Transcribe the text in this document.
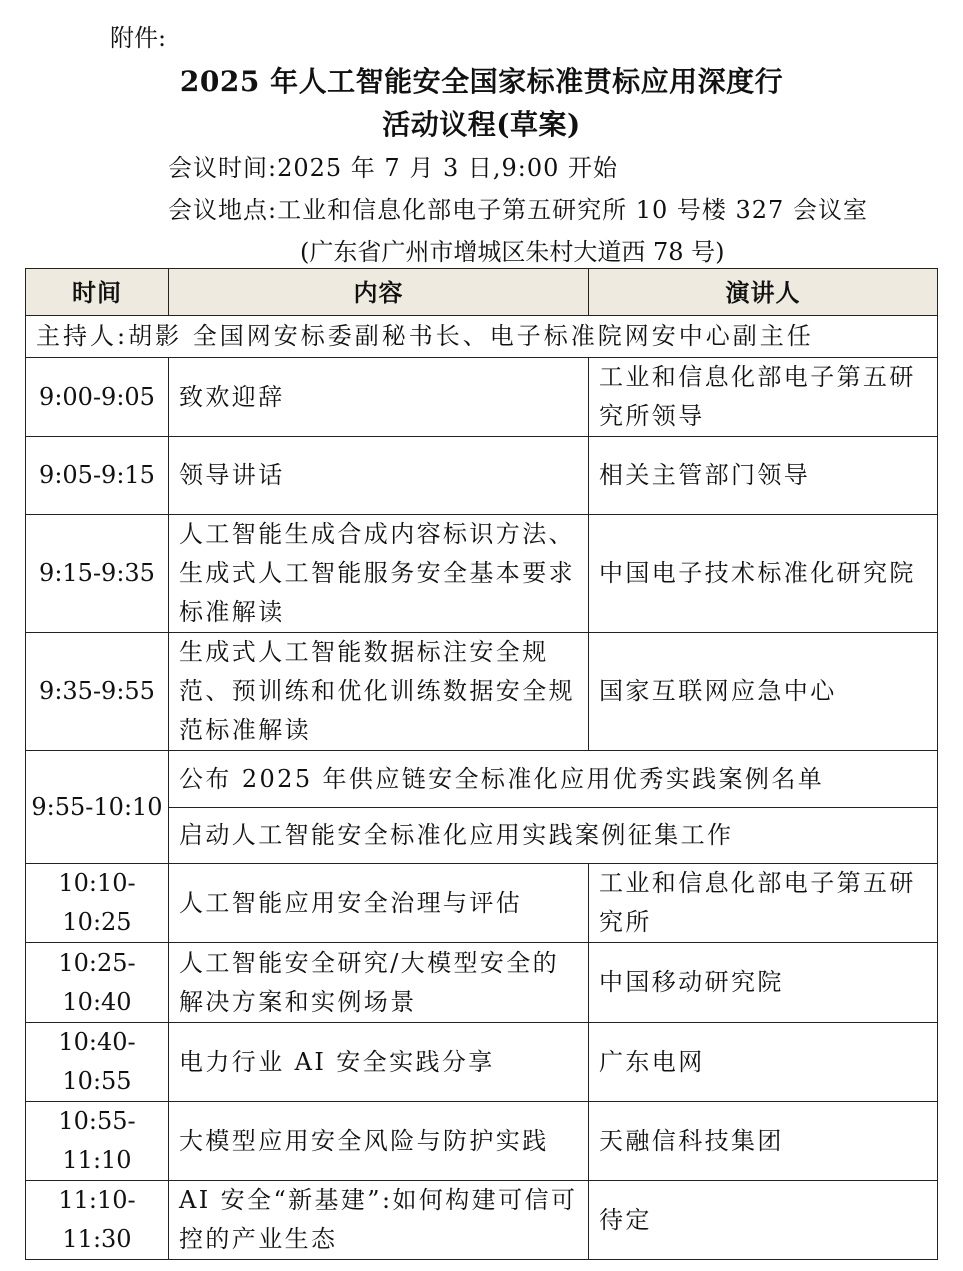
附件:
2025 年人工智能安全国家标准贯标应用深度行
活动议程(草案)
会议时间:2025 年 7 月 3 日,9:00 开始
会议地点:工业和信息化部电子第五研究所 10 号楼 327 会议室
(广东省广州市增城区朱村大道西 78 号)
时间	内容	演讲人
主持人:胡影 全国网安标委副秘书长、电子标准院网安中心副主任		
9:00-9:05	致欢迎辞	工业和信息化部电子第五研究所领导
9:05-9:15	领导讲话	相关主管部门领导
9:15-9:35	人工智能生成合成内容标识方法、生成式人工智能服务安全基本要求标准解读	中国电子技术标准化研究院
9:35-9:55	生成式人工智能数据标注安全规范、预训练和优化训练数据安全规范标准解读	国家互联网应急中心
9:55-10:10	公布 2025 年供应链安全标准化应用优秀实践案例名单	
	启动人工智能安全标准化应用实践案例征集工作	
10:10-10:25	人工智能应用安全治理与评估	工业和信息化部电子第五研究所
10:25-10:40	人工智能安全研究/大模型安全的解决方案和实例场景	中国移动研究院
10:40-10:55	电力行业 AI 安全实践分享	广东电网
10:55-11:10	大模型应用安全风险与防护实践	天融信科技集团
11:10-11:30	AI 安全“新基建”:如何构建可信可控的产业生态	待定
